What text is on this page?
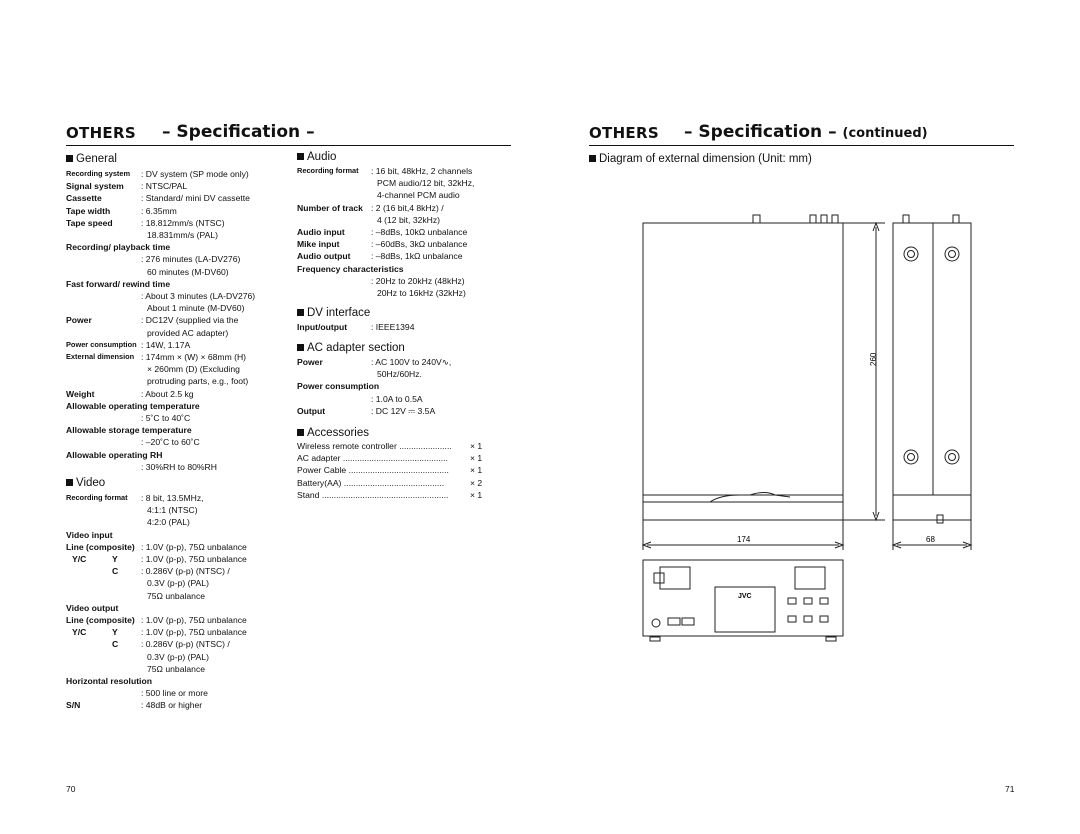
OTHERS – Specification –	OTHERS – Specification – (continued)
General
Video
Audio
DV interface
AC adapter section
Accessories
Diagram of external dimension (Unit: mm)
Recording system : DV system (SP mode only)
Signal system : NTSC/PAL
Cassette	: Standard/ mini DV cassette
Tape width	: 6.35mm
Tape speed	: 18.812mm/s (NTSC)
18.831mm/s (PAL)
Recording/ playback time
: 276 minutes (LA-DV276)
60 minutes (M-DV60)
Fast forward/ rewind time
: About 3 minutes (LA-DV276)
About 1 minute (M-DV60)
Power	: DC12V (supplied via the
provided AC adapter)
Power consumption : 14W, 1.17A
External dimension : 174mm × (W) × 68mm (H)
× 260mm (D) (Excluding
protruding parts, e.g., foot)
Weight	: About 2.5 kg
Allowable operating temperature
: 5˚C to 40˚C
Allowable storage temperature
: –20˚C to 60˚C
Allowable operating RH
: 30%RH to 80%RH
Recording format : 8 bit, 13.5MHz,
4:1:1 (NTSC)
4:2:0 (PAL)
Video input
Line (composite) : 1.0V (p-p), 75Ω unbalance
Y/C	Y	: 1.0V (p-p), 75Ω unbalance
C	: 0.286V (p-p) (NTSC) /
0.3V (p-p) (PAL)
75Ω unbalance
Video output
Line (composite) : 1.0V (p-p), 75Ω unbalance
Y/C	Y	: 1.0V (p-p), 75Ω unbalance
C	: 0.286V (p-p) (NTSC) /
0.3V (p-p) (PAL)
75Ω unbalance
Horizontal resolution
: 500 line or more
S/N	: 48dB or higher
Recording format : 16 bit, 48kHz, 2 channels
PCM audio/12 bit, 32kHz,
4-channel PCM audio
Number of track : 2 (16 bit,4 8kHz) /
4 (12 bit, 32kHz)
Audio input	: –8dBs, 10kΩ unbalance
Mike input	: –60dBs, 3kΩ unbalance
Audio output : –8dBs, 1kΩ unbalance
Frequency characteristics
: 20Hz to 20kHz (48kHz)
20Hz to 16kHz (32kHz)
Input/output	: IEEE1394
Power	: AC 100V to 240V∿,
50Hz/60Hz.
Power consumption
: 1.0A to 0.5A
Output	: DC 12V ⎓ 3.5A
Wireless remote controller ...................... × 1
AC adapter ............................................	× 1
Power Cable .......................................... × 1
Battery(AA) ..........................................	× 2
Stand .....................................................	× 1
260
174	68
JVC
70	71
